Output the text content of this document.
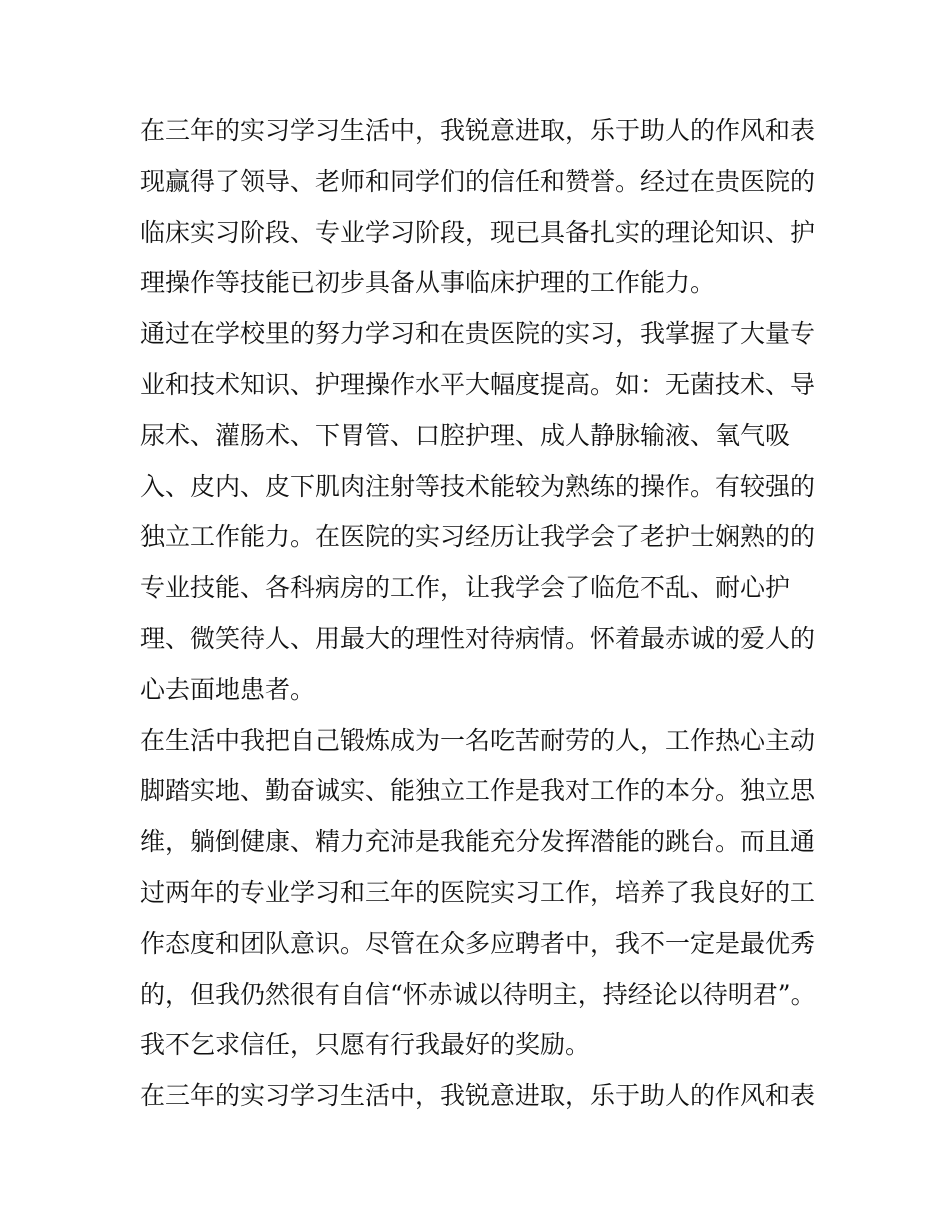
在三年的实习学习生活中，我锐意进取，乐于助人的作风和表
现赢得了领导、老师和同学们的信任和赞誉。经过在贵医院的
临床实习阶段、专业学习阶段，现已具备扎实的理论知识、护
理操作等技能已初步具备从事临床护理的工作能力。
通过在学校里的努力学习和在贵医院的实习，我掌握了大量专
业和技术知识、护理操作水平大幅度提高。如：无菌技术、导
尿术、灌肠术、下胃管、口腔护理、成人静脉输液、氧气吸
入、皮内、皮下肌肉注射等技术能较为熟练的操作。有较强的
独立工作能力。在医院的实习经历让我学会了老护士娴熟的的
专业技能、各科病房的工作，让我学会了临危不乱、耐心护
理、微笑待人、用最大的理性对待病情。怀着最赤诚的爱人的
心去面地患者。
在生活中我把自己锻炼成为一名吃苦耐劳的人，工作热心主动
脚踏实地、勤奋诚实、能独立工作是我对工作的本分。独立思
维，躺倒健康、精力充沛是我能充分发挥潜能的跳台。而且通
过两年的专业学习和三年的医院实习工作，培养了我良好的工
作态度和团队意识。尽管在众多应聘者中，我不一定是最优秀
的，但我仍然很有自信“怀赤诚以待明主，持经论以待明君”。
我不乞求信任，只愿有行我最好的奖励。
在三年的实习学习生活中，我锐意进取，乐于助人的作风和表
